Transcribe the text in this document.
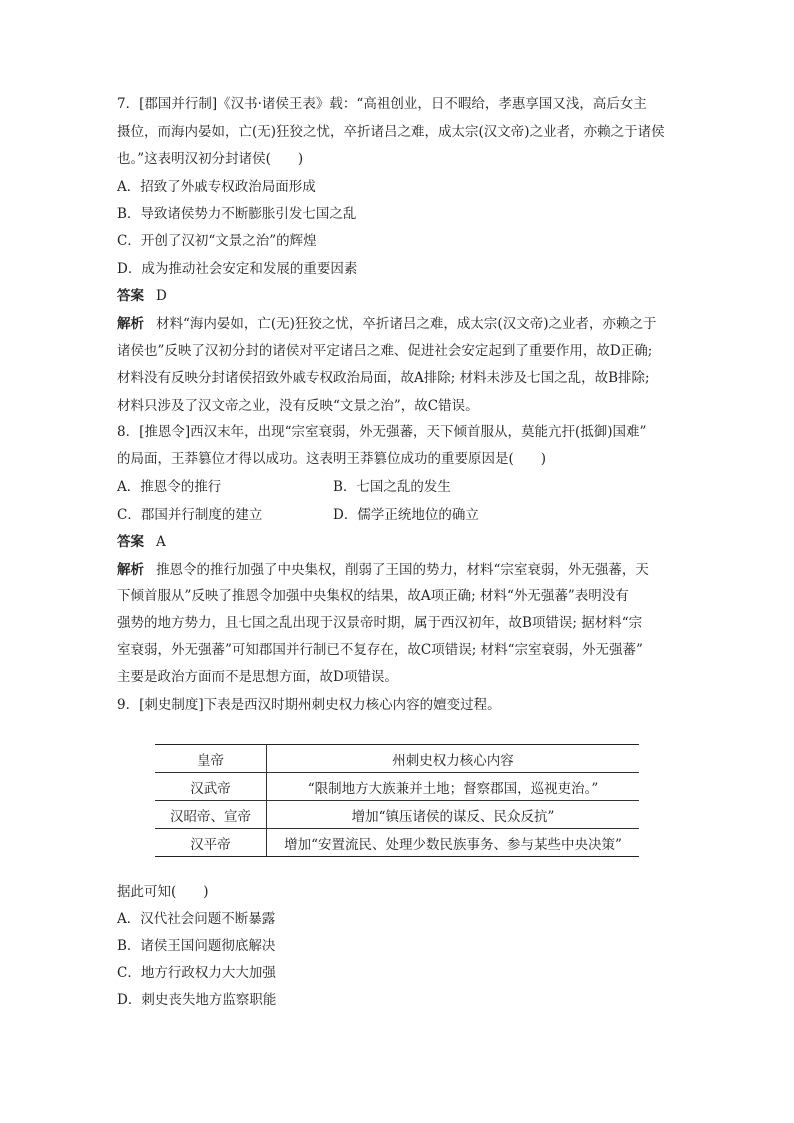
7．[郡国并行制]《汉书·诸侯王表》载：“高祖创业，日不暇给，孝惠享国又浅，高后女主
摄位，而海内晏如，亡(无)狂狡之忧，卒折诸吕之难，成太宗(汉文帝)之业者，亦赖之于诸侯
也。”这表明汉初分封诸侯(　　)
A．招致了外戚专权政治局面形成
B．导致诸侯势力不断膨胀引发七国之乱
C．开创了汉初“文景之治”的辉煌
D．成为推动社会安定和发展的重要因素
答案 D
解析 材料“海内晏如，亡(无)狂狡之忧，卒折诸吕之难，成太宗(汉文帝)之业者，亦赖之于
诸侯也”反映了汉初分封的诸侯对平定诸吕之难、促进社会安定起到了重要作用，故D正确;
材料没有反映分封诸侯招致外戚专权政治局面，故A排除; 材料未涉及七国之乱，故B排除;
材料只涉及了汉文帝之业，没有反映“文景之治”，故C错误。
8．[推恩令]西汉末年，出现“宗室衰弱，外无强蕃，天下倾首服从，莫能亢扞(抵御)国难”
的局面，王莽篡位才得以成功。这表明王莽篡位成功的重要原因是(　　)
A．推恩令的推行	B．七国之乱的发生
C．郡国并行制度的建立	D．儒学正统地位的确立
答案 A
解析 推恩令的推行加强了中央集权，削弱了王国的势力，材料“宗室衰弱，外无强蕃，天
下倾首服从”反映了推恩令加强中央集权的结果，故A项正确; 材料“外无强蕃”表明没有
强势的地方势力，且七国之乱出现于汉景帝时期，属于西汉初年，故B项错误; 据材料“宗
室衰弱，外无强蕃”可知郡国并行制已不复存在，故C项错误; 材料“宗室衰弱，外无强蕃”
主要是政治方面而不是思想方面，故D项错误。
9．[刺史制度]下表是西汉时期州刺史权力核心内容的嬗变过程。
皇帝	州刺史权力核心内容
汉武帝	“限制地方大族兼并土地；督察郡国，巡视吏治。”
汉昭帝、宣帝	增加“镇压诸侯的谋反、民众反抗”
汉平帝	增加“安置流民、处理少数民族事务、参与某些中央决策”
据此可知(　　)
A．汉代社会问题不断暴露
B．诸侯王国问题彻底解决
C．地方行政权力大大加强
D．刺史丧失地方监察职能
